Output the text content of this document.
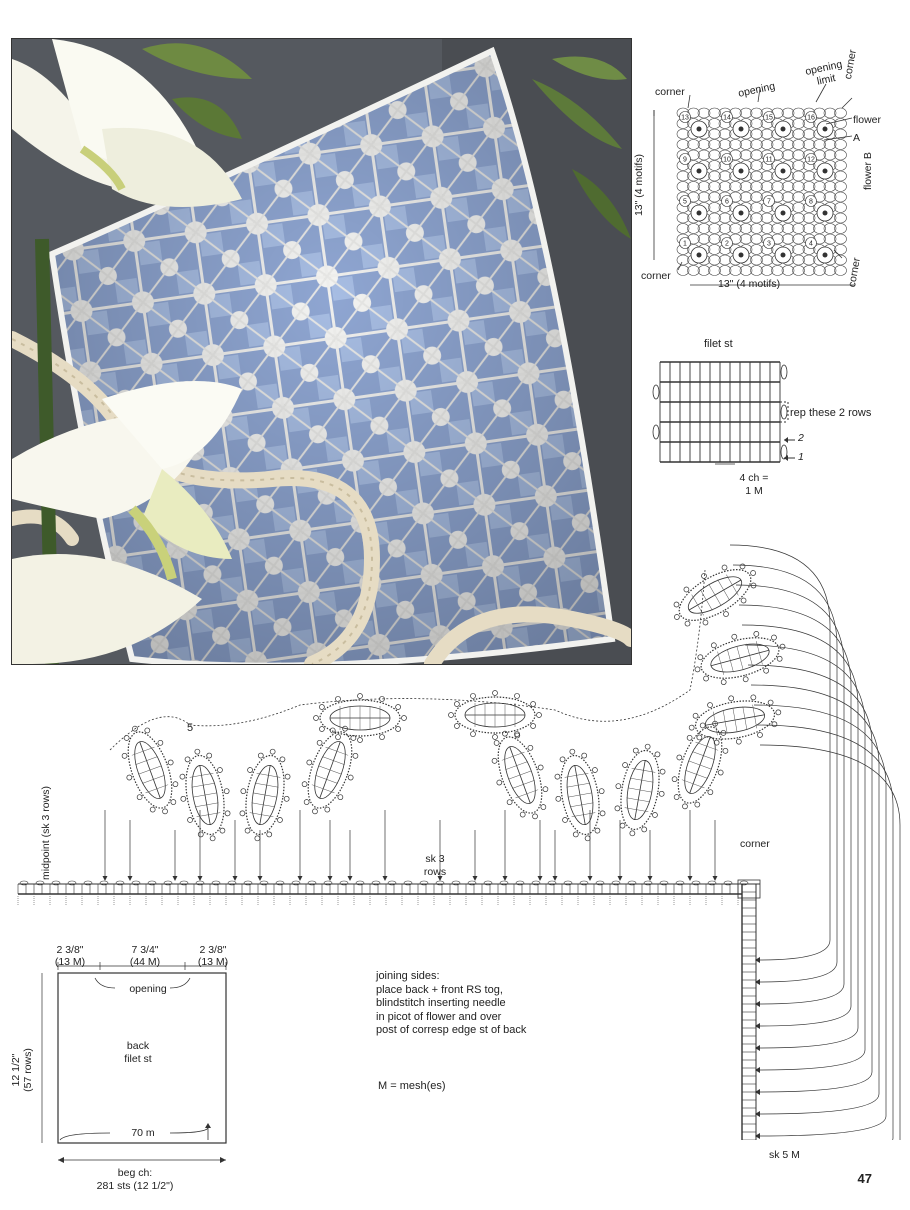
1	2	3	4
5	6	7	8
9	10	11	12
13	14	15	16
corner	opening
opening limit corner
flower
A
flower B
13" (4 motifs)
corner
13" (4 motifs)	corner
filet st
rep these 2 rows
2
1
4 ch =
1 M
midpoint (sk 3 rows)
5
sk 3
rows
corner
sk 5 M
2 3/8"
(13 M)
7 3/4"
(44 M)
2 3/8"
(13 M)
opening
12 1/2" (57 rows)
back
filet st
70 m
beg ch:
281 sts (12 1/2")
joining sides:
place back + front RS tog,
blindstitch inserting needle
in picot of flower and over
post of corresp edge st of back
M = mesh(es)
47
